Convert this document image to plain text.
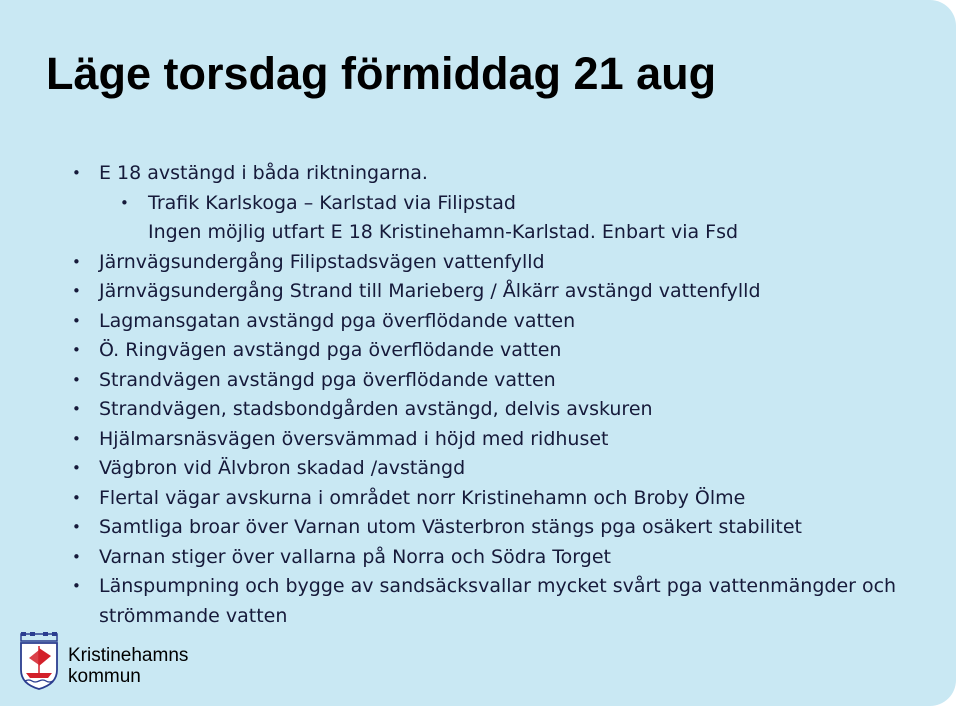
Läge torsdag förmiddag 21 aug
• E 18 avstängd i båda riktningarna.
• Trafik Karlskoga – Karlstad via Filipstad
Ingen möjlig utfart E 18 Kristinehamn-Karlstad. Enbart via Fsd
• Järnvägsundergång Filipstadsvägen vattenfylld
• Järnvägsundergång Strand till Marieberg / Ålkärr avstängd vattenfylld
• Lagmansgatan avstängd pga överflödande vatten
• Ö. Ringvägen avstängd pga överflödande vatten
• Strandvägen avstängd pga överflödande vatten
• Strandvägen, stadsbondgården avstängd, delvis avskuren
• Hjälmarsnäsvägen översvämmad i höjd med ridhuset
• Vägbron vid Älvbron skadad /avstängd
• Flertal vägar avskurna i området norr Kristinehamn och Broby Ölme
• Samtliga broar över Varnan utom Västerbron stängs pga osäkert stabilitet
• Varnan stiger över vallarna på Norra och Södra Torget
• Länspumpning och bygge av sandsäcksvallar mycket svårt pga vattenmängder och strömmande vatten
Kristinehamns
kommun
